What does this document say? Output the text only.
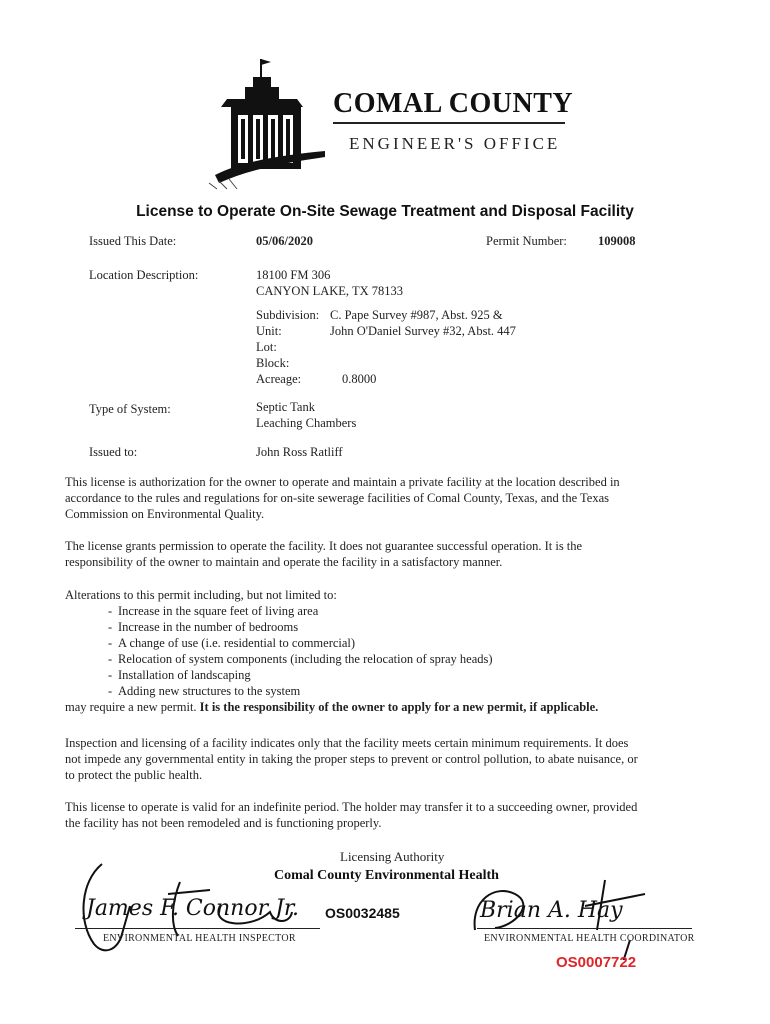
COMAL COUNTY
ENGINEER'S OFFICE
License to Operate On-Site Sewage Treatment and Disposal Facility
Issued This Date:	05/06/2020	Permit Number: 109008
Location Description:	18100 FM 306
CANYON LAKE, TX 78133
Subdivision: C. Pape Survey #987, Abst. 925 &
Unit:	John O'Daniel Survey #32, Abst. 447
Lot:
Block:
Acreage:	0.8000
Type of System:	Septic Tank
Leaching Chambers
Issued to:	John Ross Ratliff
This license is authorization for the owner to operate and maintain a private facility at the location described in accordance to the rules and regulations for on-site sewerage facilities of Comal County, Texas, and the Texas Commission on Environmental Quality.
The license grants permission to operate the facility. It does not guarantee successful operation. It is the responsibility of the owner to maintain and operate the facility in a satisfactory manner.
Alterations to this permit including, but not limited to:
- Increase in the square feet of living area
- Increase in the number of bedrooms
- A change of use (i.e. residential to commercial)
- Relocation of system components (including the relocation of spray heads)
- Installation of landscaping
- Adding new structures to the system
may require a new permit. It is the responsibility of the owner to apply for a new permit, if applicable.
Inspection and licensing of a facility indicates only that the facility meets certain minimum requirements. It does not impede any governmental entity in taking the proper steps to prevent or control pollution, to abate nuisance, or to protect the public health.
This license to operate is valid for an indefinite period. The holder may transfer it to a succeeding owner, provided the facility has not been remodeled and is functioning properly.
Licensing Authority
Comal County Environmental Health
James F. Connor Jr. OS0032485
ENVIRONMENTAL HEALTH INSPECTOR
Brian A. Hay
ENVIRONMENTAL HEALTH COORDINATOR
OS0007722
